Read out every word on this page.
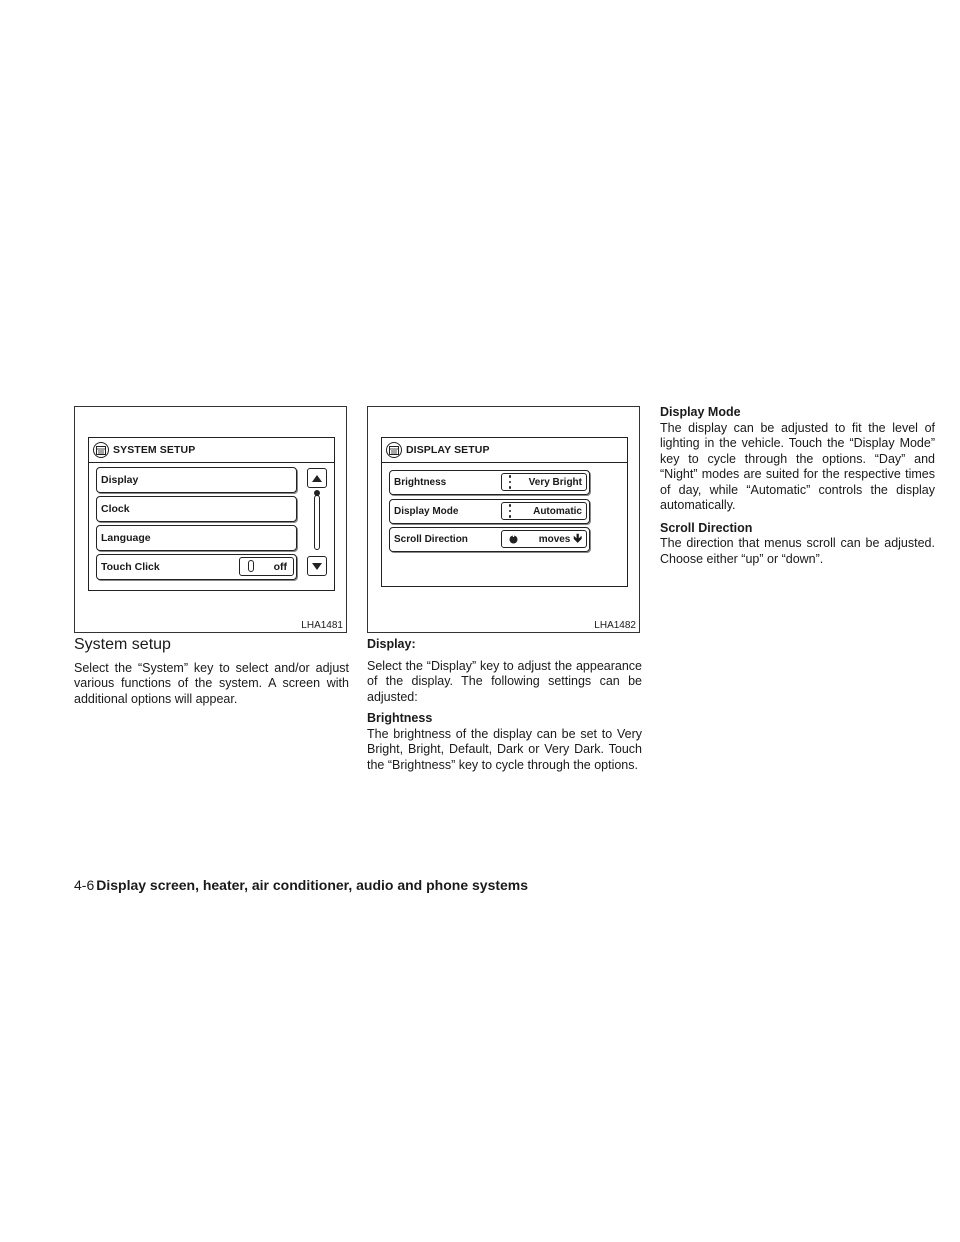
SYSTEM SETUP
Display
Clock
Language
Touch Click	off
LHA1481
DISPLAY SETUP
Brightness	Very Bright
Display Mode	Automatic
Scroll Direction	moves 🡻
LHA1482
System setup

Select the “System” key to select and/or adjust various functions of the system. A screen with additional options will appear.

Display:

Select the “Display” key to adjust the appearance of the display. The following settings can be adjusted:

Brightness

The brightness of the display can be set to Very Bright, Bright, Default, Dark or Very Dark. Touch the “Brightness” key to cycle through the options.

Display Mode

The display can be adjusted to fit the level of lighting in the vehicle. Touch the “Display Mode” key to cycle through the options. “Day” and “Night” modes are suited for the respective times of day, while “Automatic” controls the display automatically.

Scroll Direction

The direction that menus scroll can be adjusted. Choose either “up” or “down”.

4-6 Display screen, heater, air conditioner, audio and phone systems
